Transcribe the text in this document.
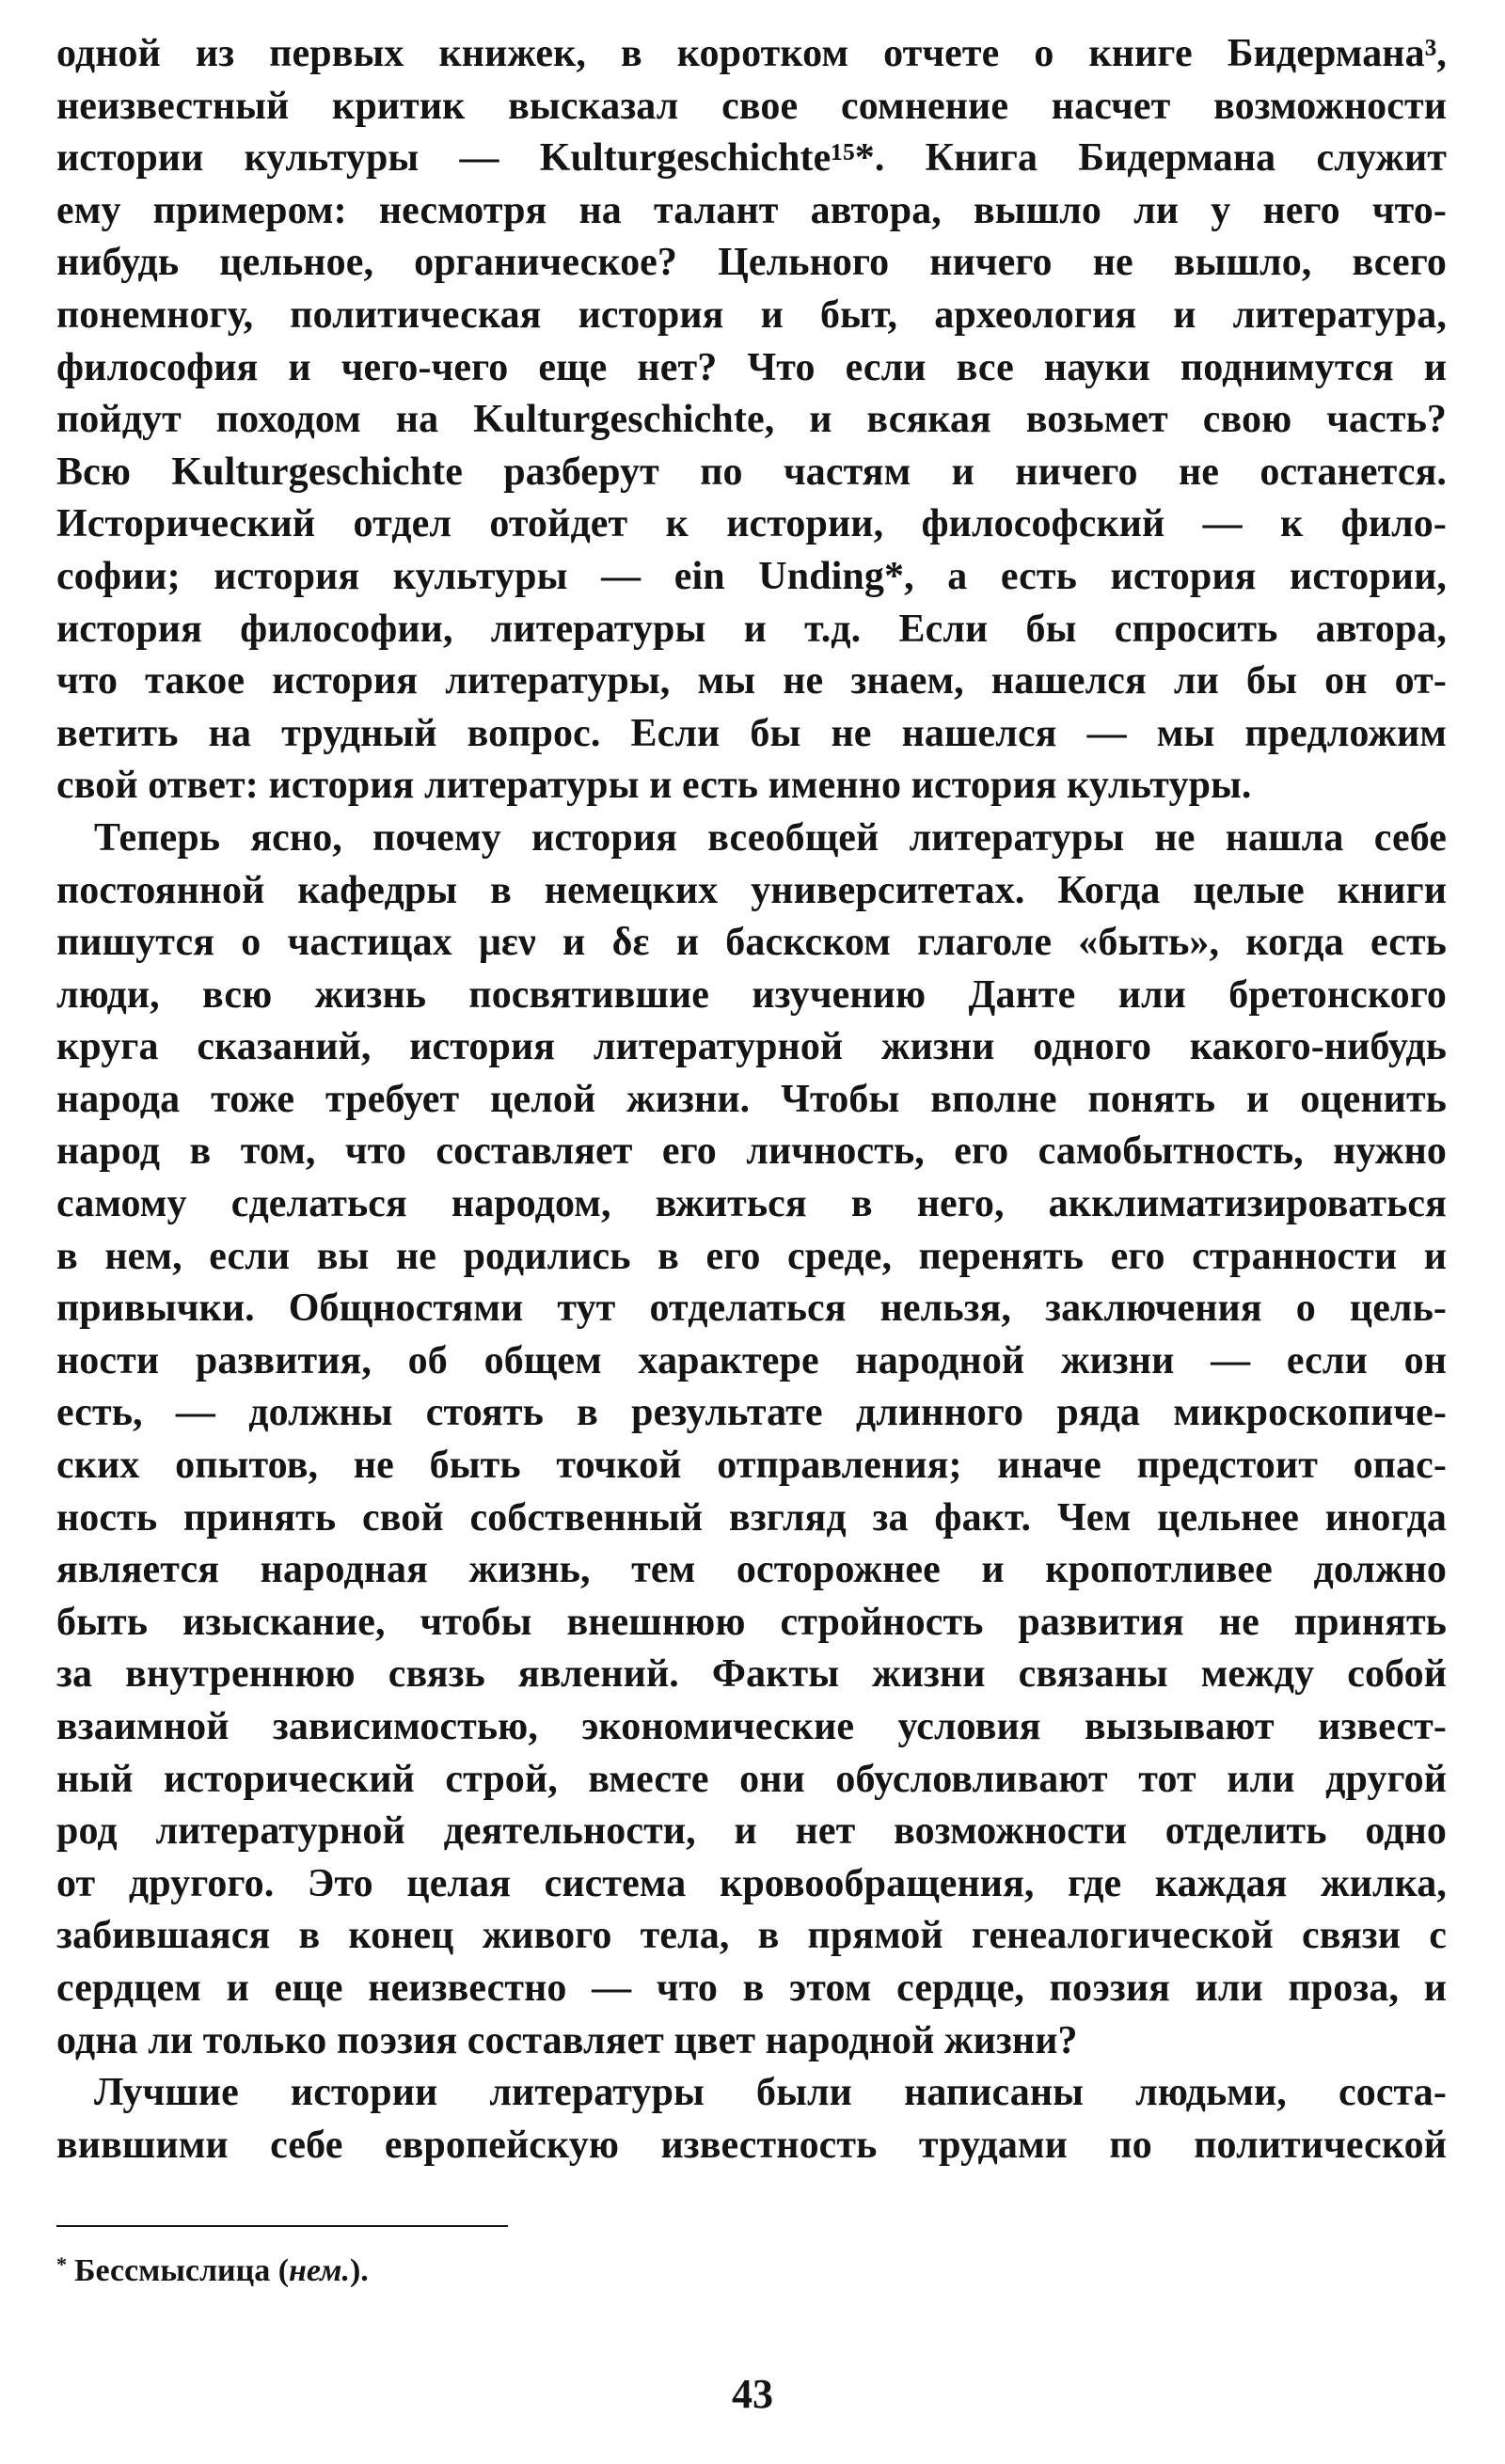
одной из первых книжек, в коротком отчете о книге Бидермана³,
неизвестный критик высказал свое сомнение насчет возможности
истории культуры — Kulturgeschichte¹⁵*. Книга Бидермана служит
ему примером: несмотря на талант автора, вышло ли у него что-
нибудь цельное, органическое? Цельного ничего не вышло, всего
понемногу, политическая история и быт, археология и литература,
философия и чего-чего еще нет? Что если все науки поднимутся и
пойдут походом на Kulturgeschichte, и всякая возьмет свою часть?
Всю Kulturgeschichte разберут по частям и ничего не останется.
Исторический отдел отойдет к истории, философский — к фило-
софии; история культуры — ein Unding*, а есть история истории,
история философии, литературы и т.д. Если бы спросить автора,
что такое история литературы, мы не знаем, нашелся ли бы он от-
ветить на трудный вопрос. Если бы не нашелся — мы предложим
свой ответ: история литературы и есть именно история культуры.
Теперь ясно, почему история всеобщей литературы не нашла себе
постоянной кафедры в немецких университетах. Когда целые книги
пишутся о частицах μεν и δε и баскском глаголе «быть», когда есть
люди, всю жизнь посвятившие изучению Данте или бретонского
круга сказаний, история литературной жизни одного какого-нибудь
народа тоже требует целой жизни. Чтобы вполне понять и оценить
народ в том, что составляет его личность, его самобытность, нужно
самому сделаться народом, вжиться в него, акклиматизироваться
в нем, если вы не родились в его среде, перенять его странности и
привычки. Общностями тут отделаться нельзя, заключения о цель-
ности развития, об общем характере народной жизни — если он
есть, — должны стоять в результате длинного ряда микроскопиче-
ских опытов, не быть точкой отправления; иначе предстоит опас-
ность принять свой собственный взгляд за факт. Чем цельнее иногда
является народная жизнь, тем осторожнее и кропотливее должно
быть изыскание, чтобы внешнюю стройность развития не принять
за внутреннюю связь явлений. Факты жизни связаны между собой
взаимной зависимостью, экономические условия вызывают извест-
ный исторический строй, вместе они обусловливают тот или другой
род литературной деятельности, и нет возможности отделить одно
от другого. Это целая система кровообращения, где каждая жилка,
забившаяся в конец живого тела, в прямой генеалогической связи с
сердцем и еще неизвестно — что в этом сердце, поэзия или проза, и
одна ли только поэзия составляет цвет народной жизни?
Лучшие истории литературы были написаны людьми, соста-
вившими себе европейскую известность трудами по политической
* Бессмыслица (нем.).
43
